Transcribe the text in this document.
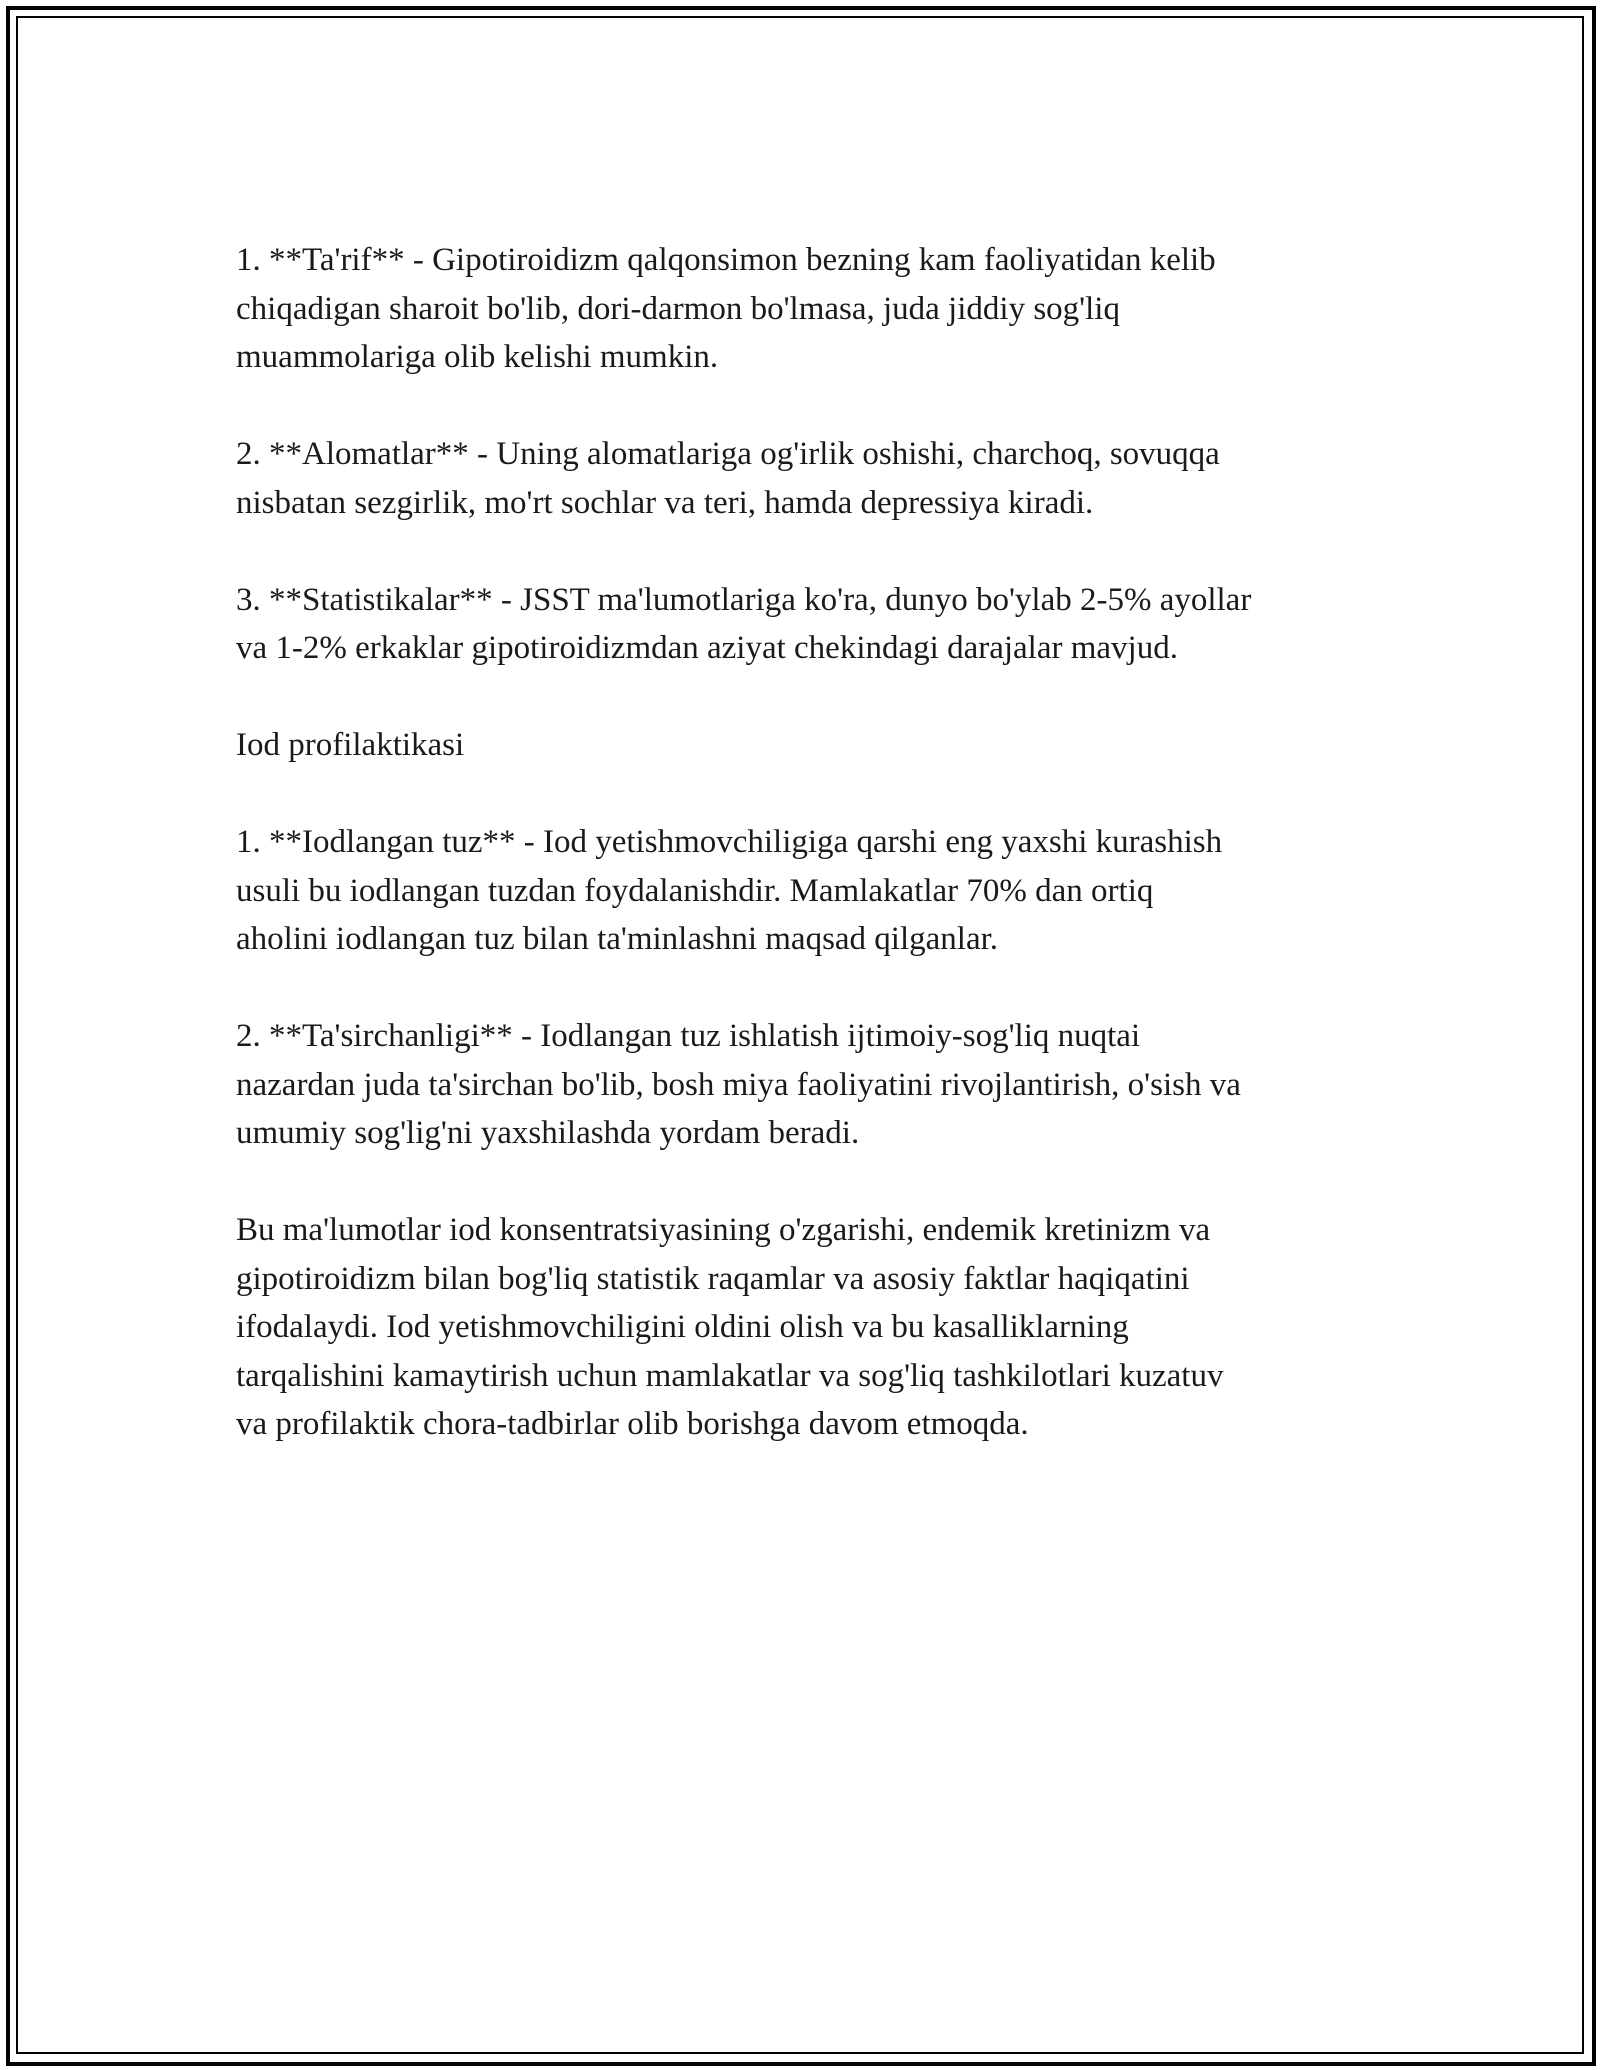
1. **Ta'rif** - Gipotiroidizm qalqonsimon bezning kam faoliyatidan kelib
chiqadigan sharoit bo'lib, dori-darmon bo'lmasa, juda jiddiy sog'liq
muammolariga olib kelishi mumkin.

2. **Alomatlar** - Uning alomatlariga og'irlik oshishi, charchoq, sovuqqa
nisbatan sezgirlik, mo'rt sochlar va teri, hamda depressiya kiradi.

3. **Statistikalar** - JSST ma'lumotlariga ko'ra, dunyo bo'ylab 2-5% ayollar
va 1-2% erkaklar gipotiroidizmdan aziyat chekindagi darajalar mavjud.

Iod profilaktikasi

1. **Iodlangan tuz** - Iod yetishmovchiligiga qarshi eng yaxshi kurashish
usuli bu iodlangan tuzdan foydalanishdir. Mamlakatlar 70% dan ortiq
aholini iodlangan tuz bilan ta'minlashni maqsad qilganlar.

2. **Ta'sirchanligi** - Iodlangan tuz ishlatish ijtimoiy-sog'liq nuqtai
nazardan juda ta'sirchan bo'lib, bosh miya faoliyatini rivojlantirish, o'sish va
umumiy sog'lig'ni yaxshilashda yordam beradi.

Bu ma'lumotlar iod konsentratsiyasining o'zgarishi, endemik kretinizm va
gipotiroidizm bilan bog'liq statistik raqamlar va asosiy faktlar haqiqatini
ifodalaydi. Iod yetishmovchiligini oldini olish va bu kasalliklarning
tarqalishini kamaytirish uchun mamlakatlar va sog'liq tashkilotlari kuzatuv
va profilaktik chora-tadbirlar olib borishga davom etmoqda.
